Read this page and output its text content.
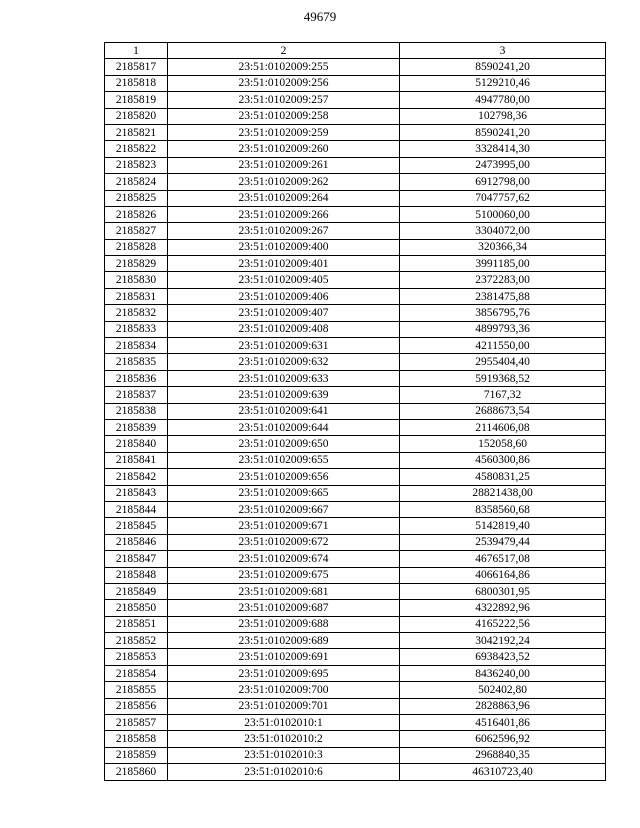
49679
1	2	3
2185817	23:51:0102009:255	8590241,20
2185818	23:51:0102009:256	5129210,46
2185819	23:51:0102009:257	4947780,00
2185820	23:51:0102009:258	102798,36
2185821	23:51:0102009:259	8590241,20
2185822	23:51:0102009:260	3328414,30
2185823	23:51:0102009:261	2473995,00
2185824	23:51:0102009:262	6912798,00
2185825	23:51:0102009:264	7047757,62
2185826	23:51:0102009:266	5100060,00
2185827	23:51:0102009:267	3304072,00
2185828	23:51:0102009:400	320366,34
2185829	23:51:0102009:401	3991185,00
2185830	23:51:0102009:405	2372283,00
2185831	23:51:0102009:406	2381475,88
2185832	23:51:0102009:407	3856795,76
2185833	23:51:0102009:408	4899793,36
2185834	23:51:0102009:631	4211550,00
2185835	23:51:0102009:632	2955404,40
2185836	23:51:0102009:633	5919368,52
2185837	23:51:0102009:639	7167,32
2185838	23:51:0102009:641	2688673,54
2185839	23:51:0102009:644	2114606,08
2185840	23:51:0102009:650	152058,60
2185841	23:51:0102009:655	4560300,86
2185842	23:51:0102009:656	4580831,25
2185843	23:51:0102009:665	28821438,00
2185844	23:51:0102009:667	8358560,68
2185845	23:51:0102009:671	5142819,40
2185846	23:51:0102009:672	2539479,44
2185847	23:51:0102009:674	4676517,08
2185848	23:51:0102009:675	4066164,86
2185849	23:51:0102009:681	6800301,95
2185850	23:51:0102009:687	4322892,96
2185851	23:51:0102009:688	4165222,56
2185852	23:51:0102009:689	3042192,24
2185853	23:51:0102009:691	6938423,52
2185854	23:51:0102009:695	8436240,00
2185855	23:51:0102009:700	502402,80
2185856	23:51:0102009:701	2828863,96
2185857	23:51:0102010:1	4516401,86
2185858	23:51:0102010:2	6062596,92
2185859	23:51:0102010:3	2968840,35
2185860	23:51:0102010:6	46310723,40
